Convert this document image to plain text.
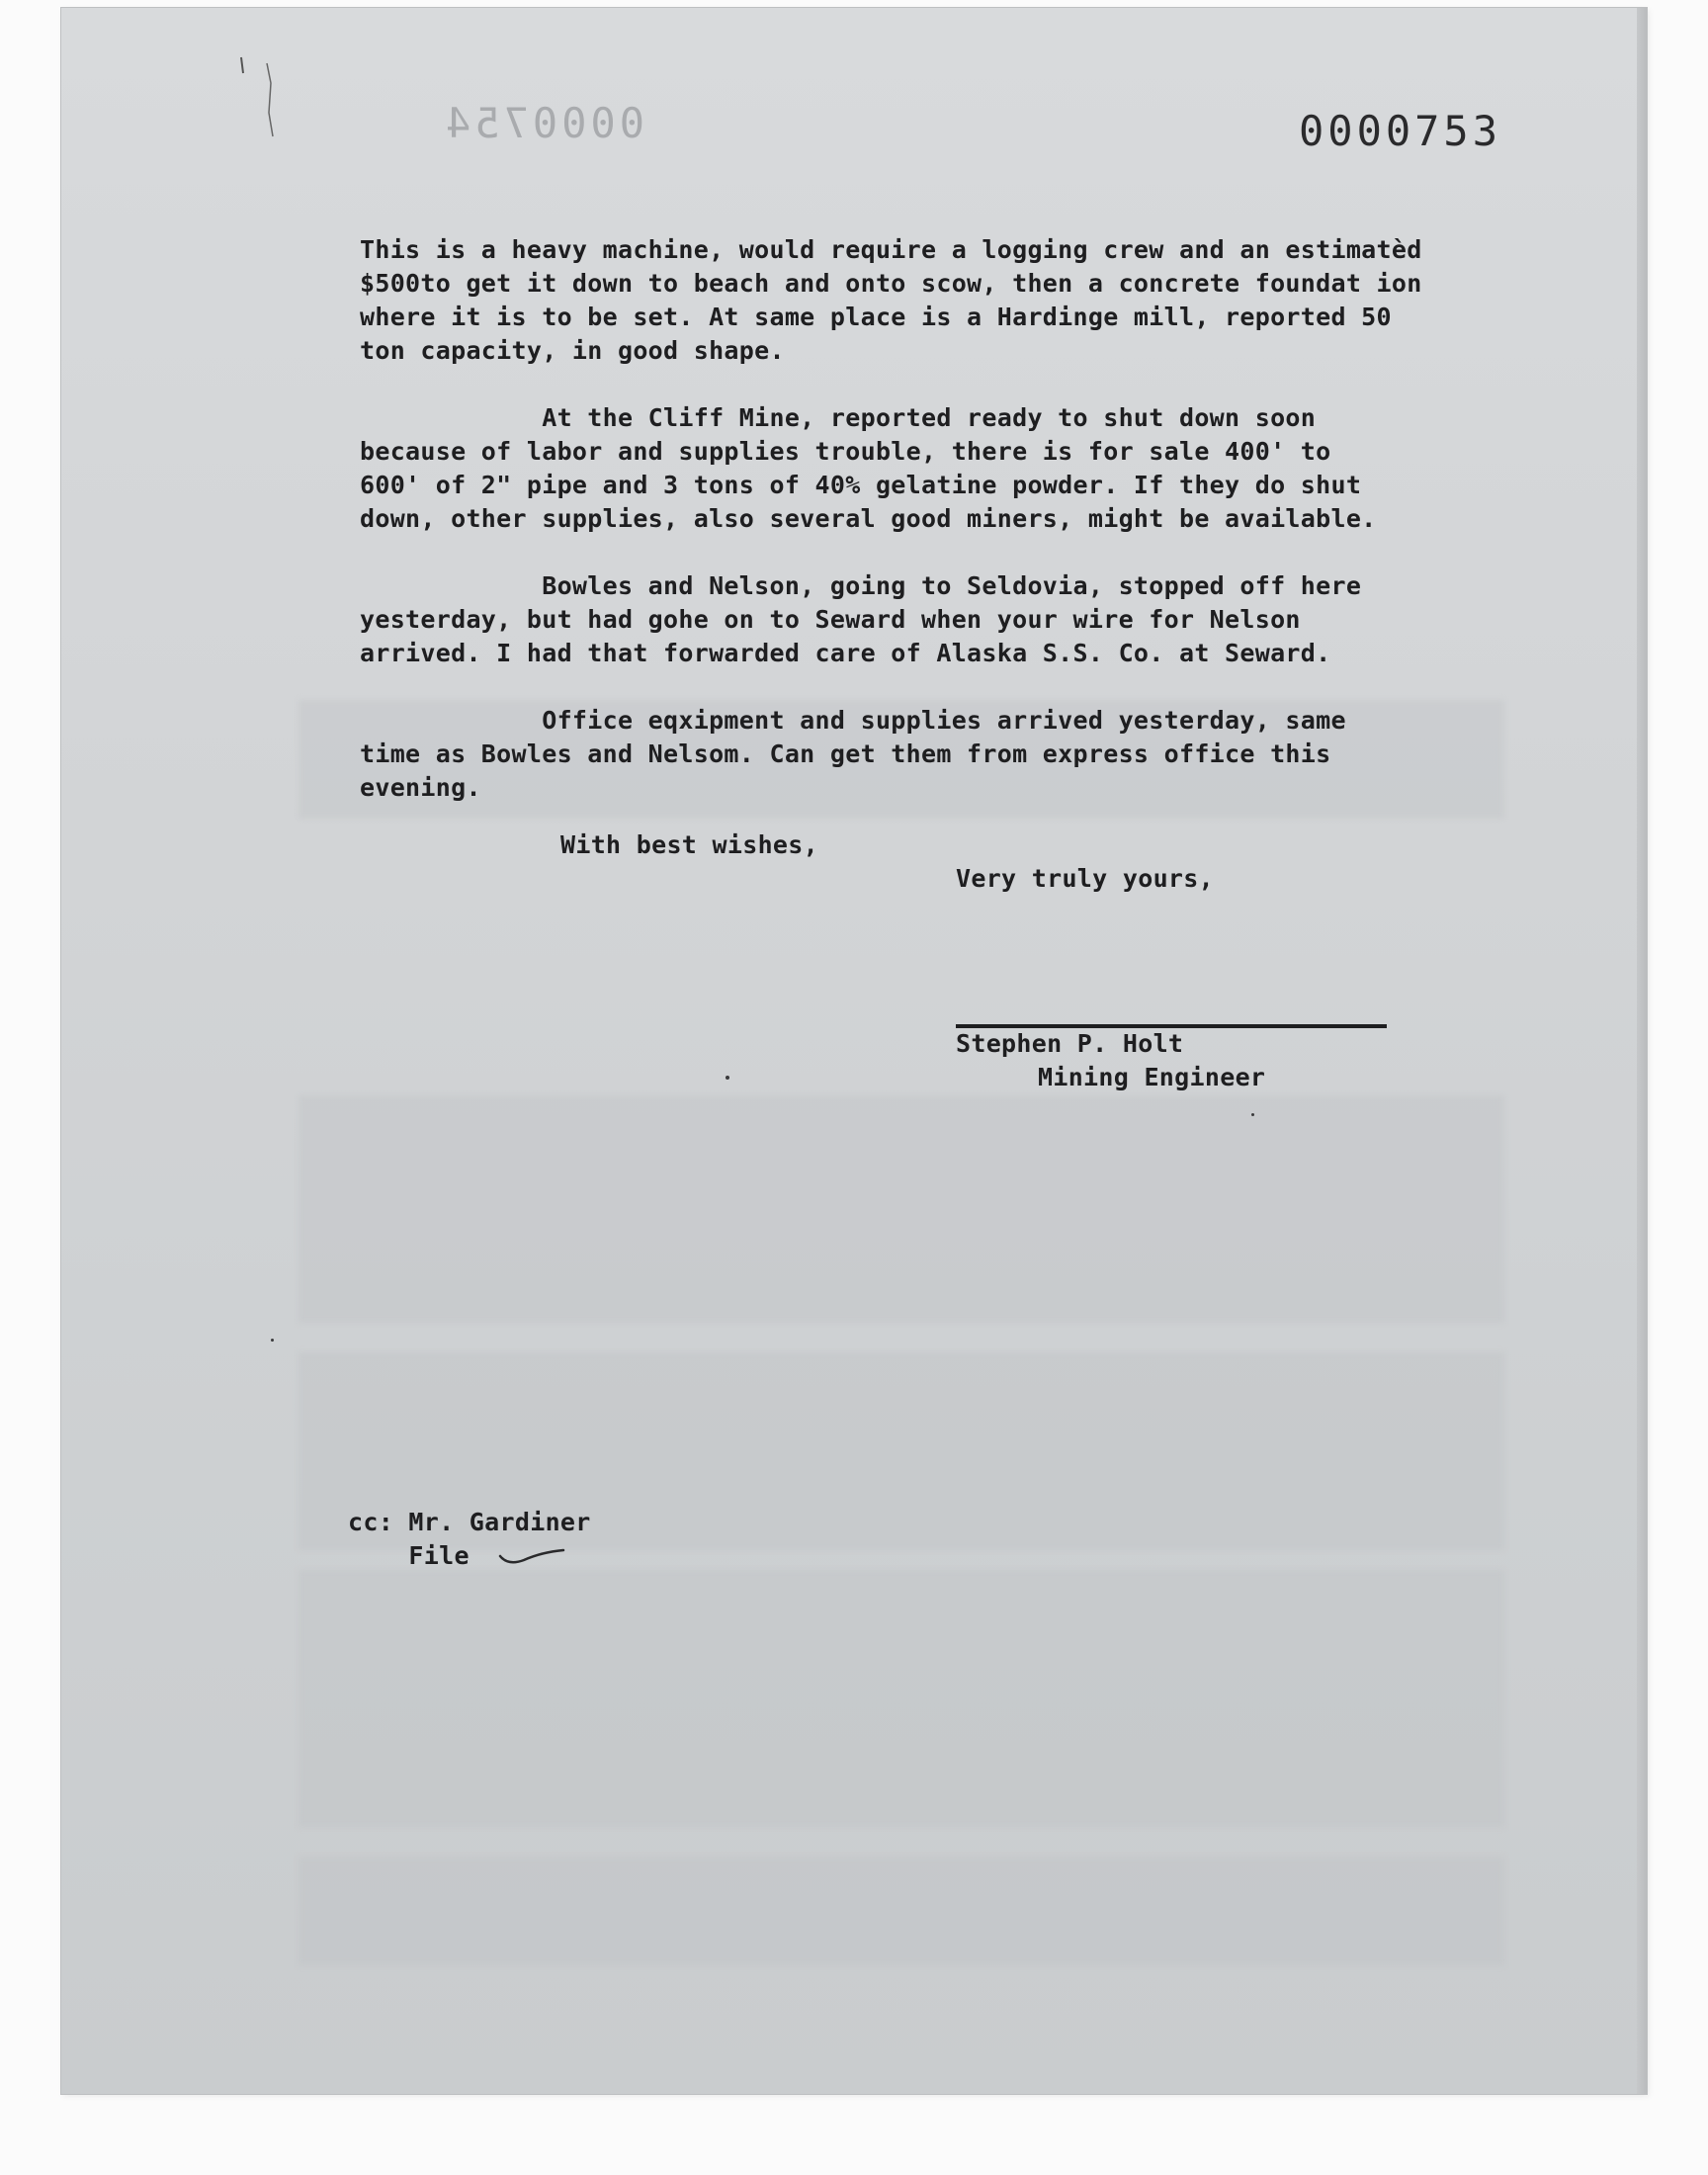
0000754	0000753

This is a heavy machine, would require a logging crew and an estimatèd
$500to get it down to beach and onto scow, then a concrete foundat ion
where it is to be set. At same place is a Hardinge mill, reported 50
ton capacity, in good shape.

At the Cliff Mine, reported ready to shut down soon
because of labor and supplies trouble, there is for sale 400' to
600' of 2" pipe and 3 tons of 40% gelatine powder. If they do shut
down, other supplies, also several good miners, might be available.

Bowles and Nelson, going to Seldovia, stopped off here
yesterday, but had gohe on to Seward when your wire for Nelson
arrived. I had that forwarded care of Alaska S.S. Co. at Seward.

Office eqxipment and supplies arrived yesterday, same
time as Bowles and Nelsom. Can get them from express office this
evening.

With best wishes,
Very truly yours,
Stephen P. Holt
Mining Engineer
cc: Mr. Gardiner
File
